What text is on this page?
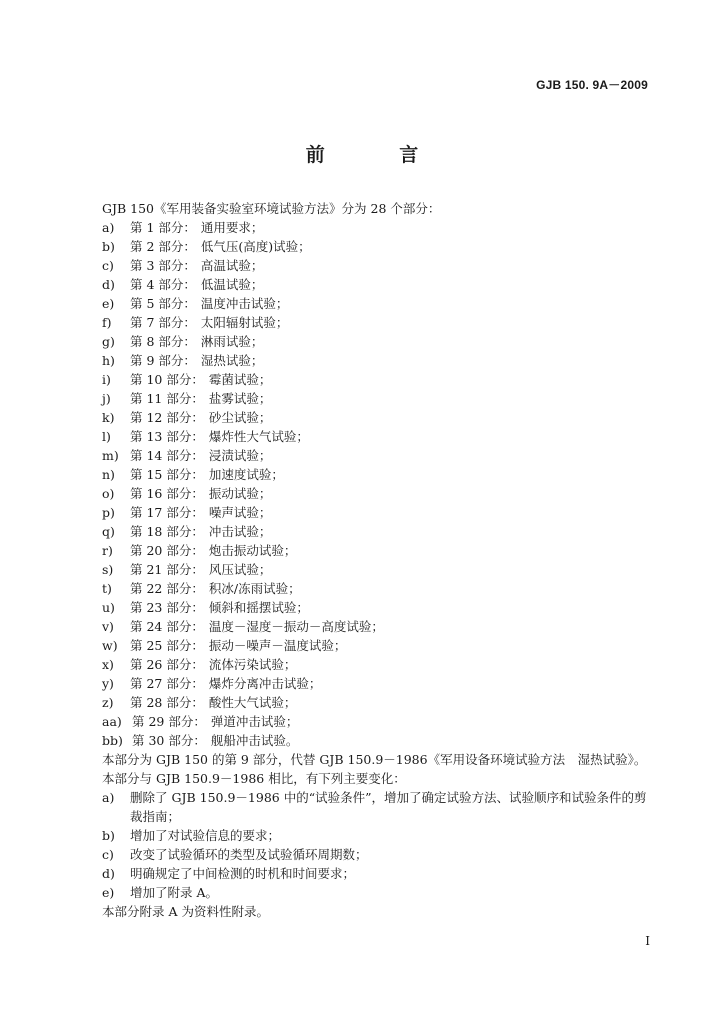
GJB 150. 9A－2009
前 言
GJB 150《军用装备实验室环境试验方法》分为 28 个部分：
a)	第 1 部分： 通用要求；
b)	第 2 部分： 低气压(高度)试验；
c)	第 3 部分： 高温试验；
d)	第 4 部分： 低温试验；
e)	第 5 部分： 温度冲击试验；
f)	第 7 部分： 太阳辐射试验；
g)	第 8 部分： 淋雨试验；
h)	第 9 部分： 湿热试验；
i)	第 10 部分： 霉菌试验；
j)	第 11 部分： 盐雾试验；
k)	第 12 部分： 砂尘试验；
l)	第 13 部分： 爆炸性大气试验；
m) 第 14 部分： 浸渍试验；
n)	第 15 部分： 加速度试验；
o)	第 16 部分： 振动试验；
p)	第 17 部分： 噪声试验；
q)	第 18 部分： 冲击试验；
r)	第 20 部分： 炮击振动试验；
s)	第 21 部分： 风压试验；
t)	第 22 部分： 积冰/冻雨试验；
u)	第 23 部分： 倾斜和摇摆试验；
v)	第 24 部分： 温度－湿度－振动－高度试验；
w) 第 25 部分： 振动－噪声－温度试验；
x)	第 26 部分： 流体污染试验；
y)	第 27 部分： 爆炸分离冲击试验；
z)	第 28 部分： 酸性大气试验；
aa) 第 29 部分： 弹道冲击试验；
bb) 第 30 部分： 舰船冲击试验。
本部分为 GJB 150 的第 9 部分，代替 GJB 150.9－1986《军用设备环境试验方法　湿热试验》。
本部分与 GJB 150.9－1986 相比，有下列主要变化：
a)	删除了 GJB 150.9－1986 中的“试验条件”，增加了确定试验方法、试验顺序和试验条件的剪裁指南；
b)	增加了对试验信息的要求；
c)	改变了试验循环的类型及试验循环周期数；
d)	明确规定了中间检测的时机和时间要求；
e)	增加了附录 A。
本部分附录 A 为资料性附录。
I
